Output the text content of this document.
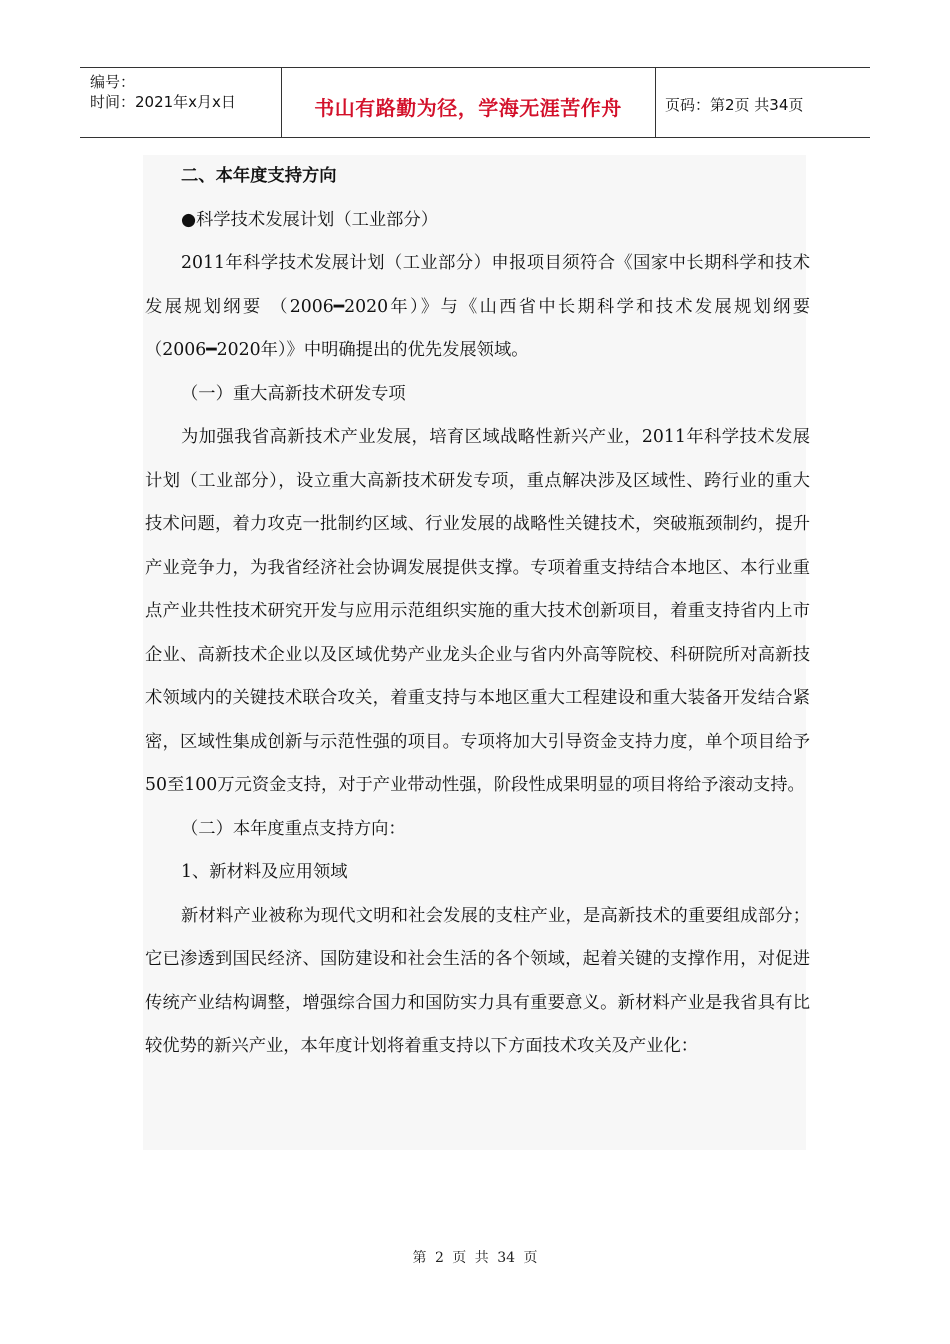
编号：
时间：2021年x月x日	书山有路勤为径，学海无涯苦作舟	页码：第2页 共34页

二、本年度支持方向

●科学技术发展计划（工业部分）

2011年科学技术发展计划（工业部分）申报项目须符合《国家中长期科学和技术发展规划纲要 （2006━2020年）》与《山西省中长期科学和技术发展规划纲要（2006━2020年）》中明确提出的优先发展领域。

（一）重大高新技术研发专项

为加强我省高新技术产业发展，培育区域战略性新兴产业，2011年科学技术发展计划（工业部分），设立重大高新技术研发专项，重点解决涉及区域性、跨行业的重大技术问题，着力攻克一批制约区域、行业发展的战略性关键技术，突破瓶颈制约，提升产业竞争力，为我省经济社会协调发展提供支撑。专项着重支持结合本地区、本行业重点产业共性技术研究开发与应用示范组织实施的重大技术创新项目，着重支持省内上市企业、高新技术企业以及区域优势产业龙头企业与省内外高等院校、科研院所对高新技术领域内的关键技术联合攻关，着重支持与本地区重大工程建设和重大装备开发结合紧密，区域性集成创新与示范性强的项目。专项将加大引导资金支持力度，单个项目给予50至100万元资金支持，对于产业带动性强，阶段性成果明显的项目将给予滚动支持。

（二）本年度重点支持方向：

1、新材料及应用领域

新材料产业被称为现代文明和社会发展的支柱产业，是高新技术的重要组成部分；它已渗透到国民经济、国防建设和社会生活的各个领域，起着关键的支撑作用，对促进传统产业结构调整，增强综合国力和国防实力具有重要意义。新材料产业是我省具有比较优势的新兴产业，本年度计划将着重支持以下方面技术攻关及产业化：

第 2 页 共 34 页
